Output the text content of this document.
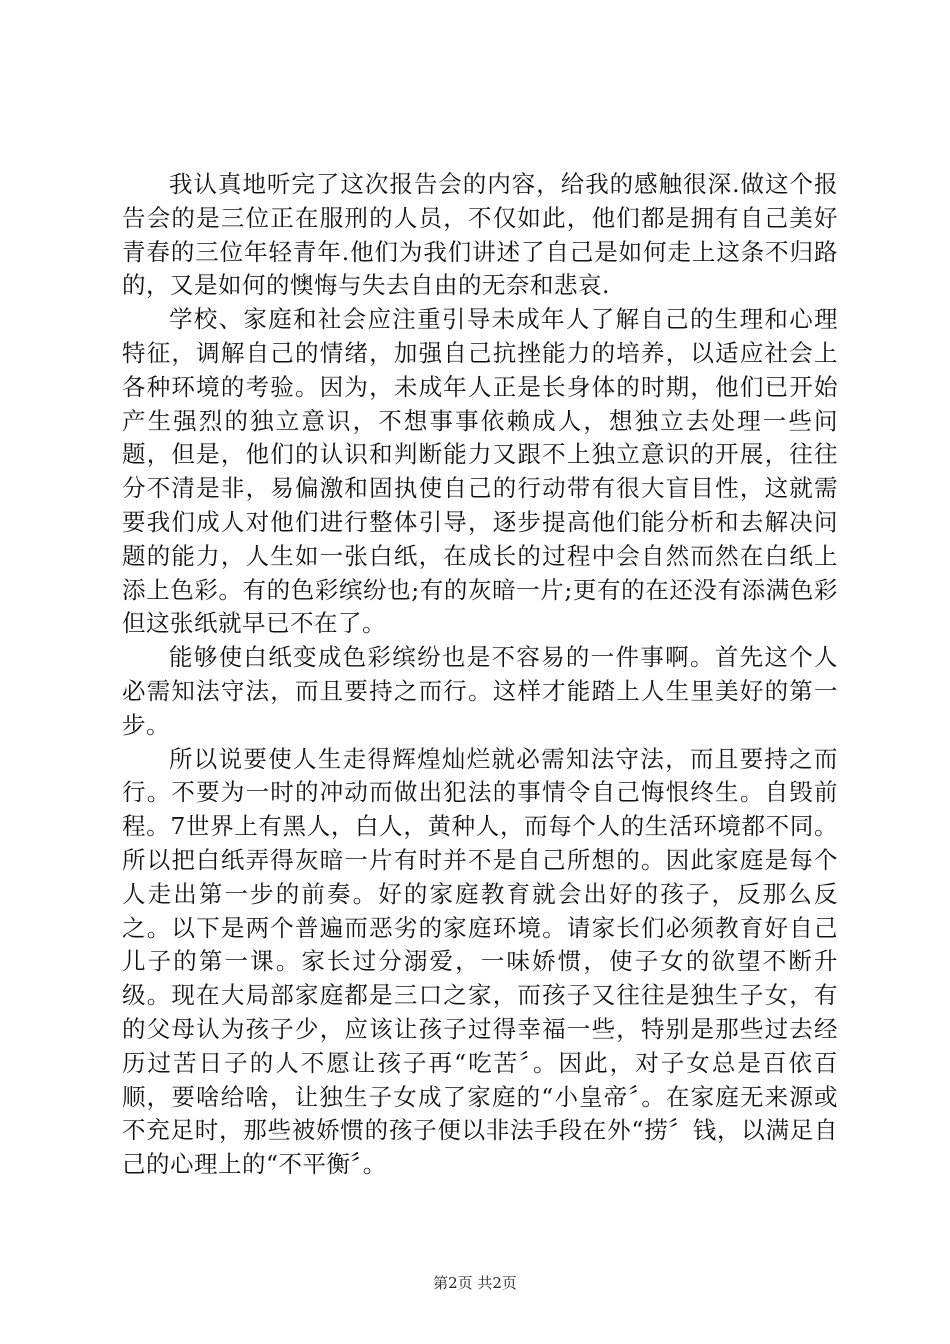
我认真地听完了这次报告会的内容，给我的感触很深.做这个报告会的是三位正在服刑的人员，不仅如此，他们都是拥有自己美好青春的三位年轻青年.他们为我们讲述了自己是如何走上这条不归路的，又是如何的懊悔与失去自由的无奈和悲哀.

学校、家庭和社会应注重引导未成年人了解自己的生理和心理特征，调解自己的情绪，加强自己抗挫能力的培养，以适应社会上各种环境的考验。因为，未成年人正是长身体的时期，他们已开始产生强烈的独立意识，不想事事依赖成人，想独立去处理一些问题，但是，他们的认识和判断能力又跟不上独立意识的开展，往往分不清是非，易偏激和固执使自己的行动带有很大盲目性，这就需要我们成人对他们进行整体引导，逐步提高他们能分析和去解决问题的能力，人生如一张白纸，在成长的过程中会自然而然在白纸上添上色彩。有的色彩缤纷也;有的灰暗一片;更有的在还没有添满色彩但这张纸就早已不在了。

能够使白纸变成色彩缤纷也是不容易的一件事啊。首先这个人必需知法守法，而且要持之而行。这样才能踏上人生里美好的第一步。

所以说要使人生走得辉煌灿烂就必需知法守法，而且要持之而行。不要为一时的冲动而做出犯法的事情令自己悔恨终生。自毁前程。7世界上有黑人，白人，黄种人，而每个人的生活环境都不同。所以把白纸弄得灰暗一片有时并不是自己所想的。因此家庭是每个人走出第一步的前奏。好的家庭教育就会出好的孩子，反那么反之。以下是两个普遍而恶劣的家庭环境。请家长们必须教育好自己儿子的第一课。家长过分溺爱，一味娇惯，使子女的欲望不断升级。现在大局部家庭都是三口之家，而孩子又往往是独生子女，有的父母认为孩子少，应该让孩子过得幸福一些，特别是那些过去经历过苦日子的人不愿让孩子再“吃苦〞。因此，对子女总是百依百顺，要啥给啥，让独生子女成了家庭的“小皇帝〞。在家庭无来源或不充足时，那些被娇惯的孩子便以非法手段在外“捞〞钱，以满足自己的心理上的“不平衡〞。

第2页 共2页
